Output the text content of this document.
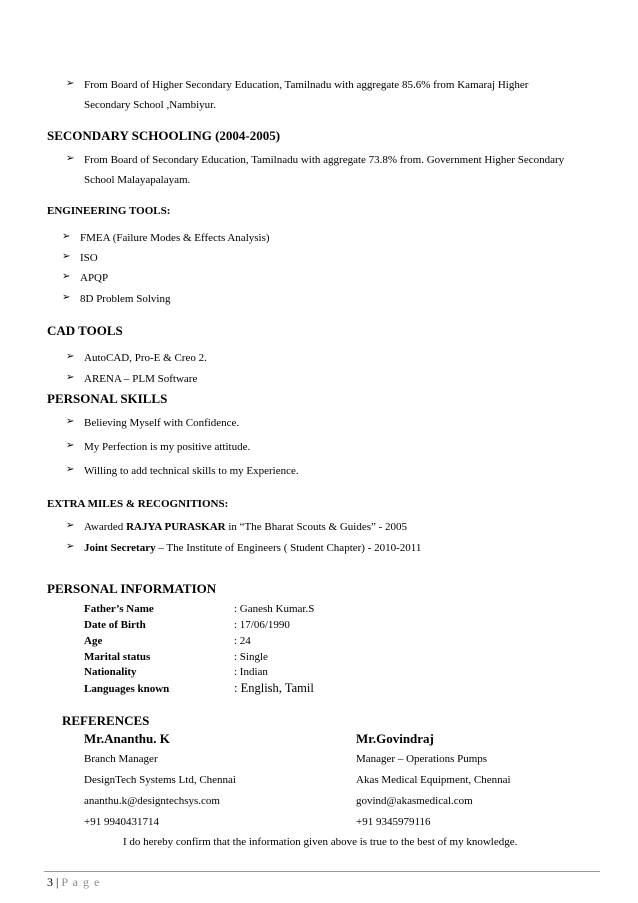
➢ From Board of Higher Secondary Education, Tamilnadu with aggregate 85.6% from Kamaraj Higher
Secondary School ,Nambiyur.
SECONDARY SCHOOLING (2004-2005)
➢ From Board of Secondary Education, Tamilnadu with aggregate 73.8% from. Government Higher Secondary
School Malayapalayam.
ENGINEERING TOOLS:
➢ FMEA (Failure Modes & Effects Analysis)
➢ ISO
➢ APQP
➢ 8D Problem Solving
CAD TOOLS
➢ AutoCAD, Pro-E & Creo 2.
➢ ARENA – PLM Software
PERSONAL SKILLS
➢ Believing Myself with Confidence.
➢ My Perfection is my positive attitude.
➢ Willing to add technical skills to my Experience.
EXTRA MILES & RECOGNITIONS:
➢ Awarded RAJYA PURASKAR in “The Bharat Scouts & Guides” - 2005
➢ Joint Secretary – The Institute of Engineers ( Student Chapter) - 2010-2011
PERSONAL INFORMATION
Father’s Name	: Ganesh Kumar.S
Date of Birth	: 17/06/1990
Age	: 24
Marital status	: Single
Nationality	: Indian
Languages known	: English, Tamil
REFERENCES
Mr.Ananthu. K
Branch Manager
DesignTech Systems Ltd, Chennai
ananthu.k@designtechsys.com
+91 9940431714
Mr.Govindraj
Manager – Operations Pumps
Akas Medical Equipment, Chennai
govind@akasmedical.com
+91 9345979116
I do hereby confirm that the information given above is true to the best of my knowledge.
3 | P a g e
